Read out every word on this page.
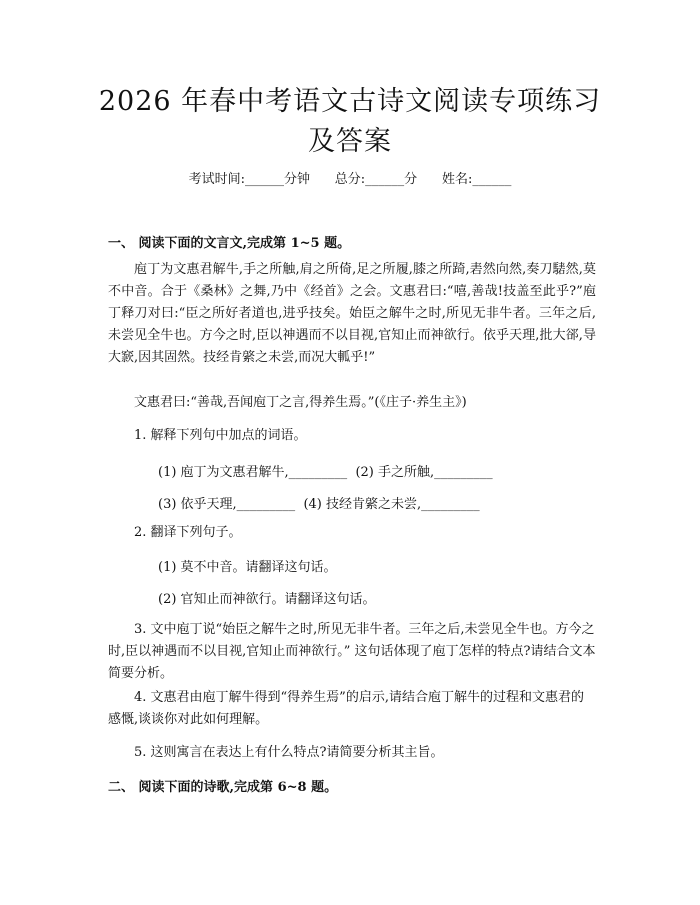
2026 年春中考语文古诗文阅读专项练习及答案
考试时间:______分钟      总分:______分      姓名:______
一、 阅读下面的文言文,完成第 1~5 题。

庖丁为文惠君解牛,手之所触,肩之所倚,足之所履,膝之所踦,砉然向然,奏刀騞然,莫不中音。合于《桑林》之舞,乃中《经首》之会。文惠君曰:“嘻,善哉!技盖至此乎?”庖丁释刀对曰:“臣之所好者道也,进乎技矣。始臣之解牛之时,所见无非牛者。三年之后,未尝见全牛也。方今之时,臣以神遇而不以目视,官知止而神欲行。依乎天理,批大郤,导大窾,因其固然。技经肯綮之未尝,而况大軱乎!”

文惠君曰:“善哉,吾闻庖丁之言,得养生焉。”(《庄子·养生主》)

1. 解释下列句中加点的词语。

(1) 庖丁为文惠君解牛,_________  (2) 手之所触,_________
(3) 依乎天理,_________  (4) 技经肯綮之未尝,_________

2. 翻译下列句子。

(1) 莫不中音。请翻译这句话。
(2) 官知止而神欲行。请翻译这句话。

3. 文中庖丁说“始臣之解牛之时,所见无非牛者。三年之后,未尝见全牛也。方今之时,臣以神遇而不以目视,官知止而神欲行。” 这句话体现了庖丁怎样的特点?请结合文本简要分析。

4. 文惠君由庖丁解牛得到“得养生焉”的启示,请结合庖丁解牛的过程和文惠君的感慨,谈谈你对此如何理解。

5. 这则寓言在表达上有什么特点?请简要分析其主旨。

二、 阅读下面的诗歌,完成第 6~8 题。
